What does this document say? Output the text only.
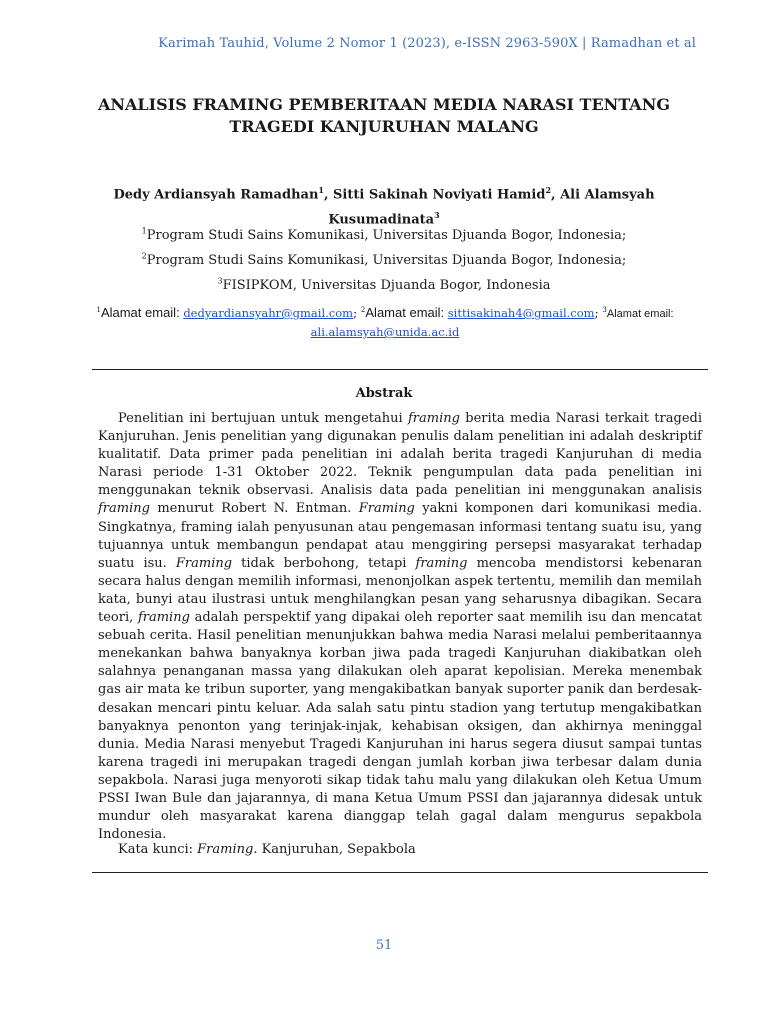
Karimah Tauhid, Volume 2 Nomor 1 (2023), e-ISSN 2963-590X | Ramadhan et al
ANALISIS FRAMING PEMBERITAAN MEDIA NARASI TENTANG
TRAGEDI KANJURUHAN MALANG

Dedy Ardiansyah Ramadhan$^1$, Sitti Sakinah Noviyati Hamid$^2$, Ali Alamsyah Kusumadinata$^3$

$^1$Program Studi Sains Komunikasi, Universitas Djuanda Bogor, Indonesia;
$^2$Program Studi Sains Komunikasi, Universitas Djuanda Bogor, Indonesia;
$^3$FISIPKOM, Universitas Djuanda Bogor, Indonesia
$^1$Alamat email: dedyardiansyahr@gmail.com; $^2$Alamat email: sittisakinah4@gmail.com; $^3$Alamat email:
ali.alamsyah@unida.ac.id
Abstrak

Penelitian ini bertujuan untuk mengetahui framing berita media Narasi terkait tragedi Kanjuruhan. Jenis penelitian yang digunakan penulis dalam penelitian ini adalah deskriptif kualitatif. Data primer pada penelitian ini adalah berita tragedi Kanjuruhan di media Narasi periode 1-31 Oktober 2022. Teknik pengumpulan data pada penelitian ini menggunakan teknik observasi. Analisis data pada penelitian ini menggunakan analisis framing menurut Robert N. Entman. Framing yakni komponen dari komunikasi media. Singkatnya, framing ialah penyusunan atau pengemasan informasi tentang suatu isu, yang tujuannya untuk membangun pendapat atau menggiring persepsi masyarakat terhadap suatu isu. Framing tidak berbohong, tetapi framing mencoba mendistorsi kebenaran secara halus dengan memilih informasi, menonjolkan aspek tertentu, memilih dan memilah kata, bunyi atau ilustrasi untuk menghilangkan pesan yang seharusnya dibagikan. Secara teori, framing adalah perspektif yang dipakai oleh reporter saat memilih isu dan mencatat sebuah cerita. Hasil penelitian menunjukkan bahwa media Narasi melalui pemberitaannya menekankan bahwa banyaknya korban jiwa pada tragedi Kanjuruhan diakibatkan oleh salahnya penanganan massa yang dilakukan oleh aparat kepolisian. Mereka menembak gas air mata ke tribun suporter, yang mengakibatkan banyak suporter panik dan berdesak-desakan mencari pintu keluar. Ada salah satu pintu stadion yang tertutup mengakibatkan banyaknya penonton yang terinjak-injak, kehabisan oksigen, dan akhirnya meninggal dunia. Media Narasi menyebut Tragedi Kanjuruhan ini harus segera diusut sampai tuntas karena tragedi ini merupakan tragedi dengan jumlah korban jiwa terbesar dalam dunia sepakbola. Narasi juga menyoroti sikap tidak tahu malu yang dilakukan oleh Ketua Umum PSSI Iwan Bule dan jajarannya, di mana Ketua Umum PSSI dan jajarannya didesak untuk mundur oleh masyarakat karena dianggap telah gagal dalam mengurus sepakbola Indonesia.

Kata kunci: Framing. Kanjuruhan, Sepakbola
51
